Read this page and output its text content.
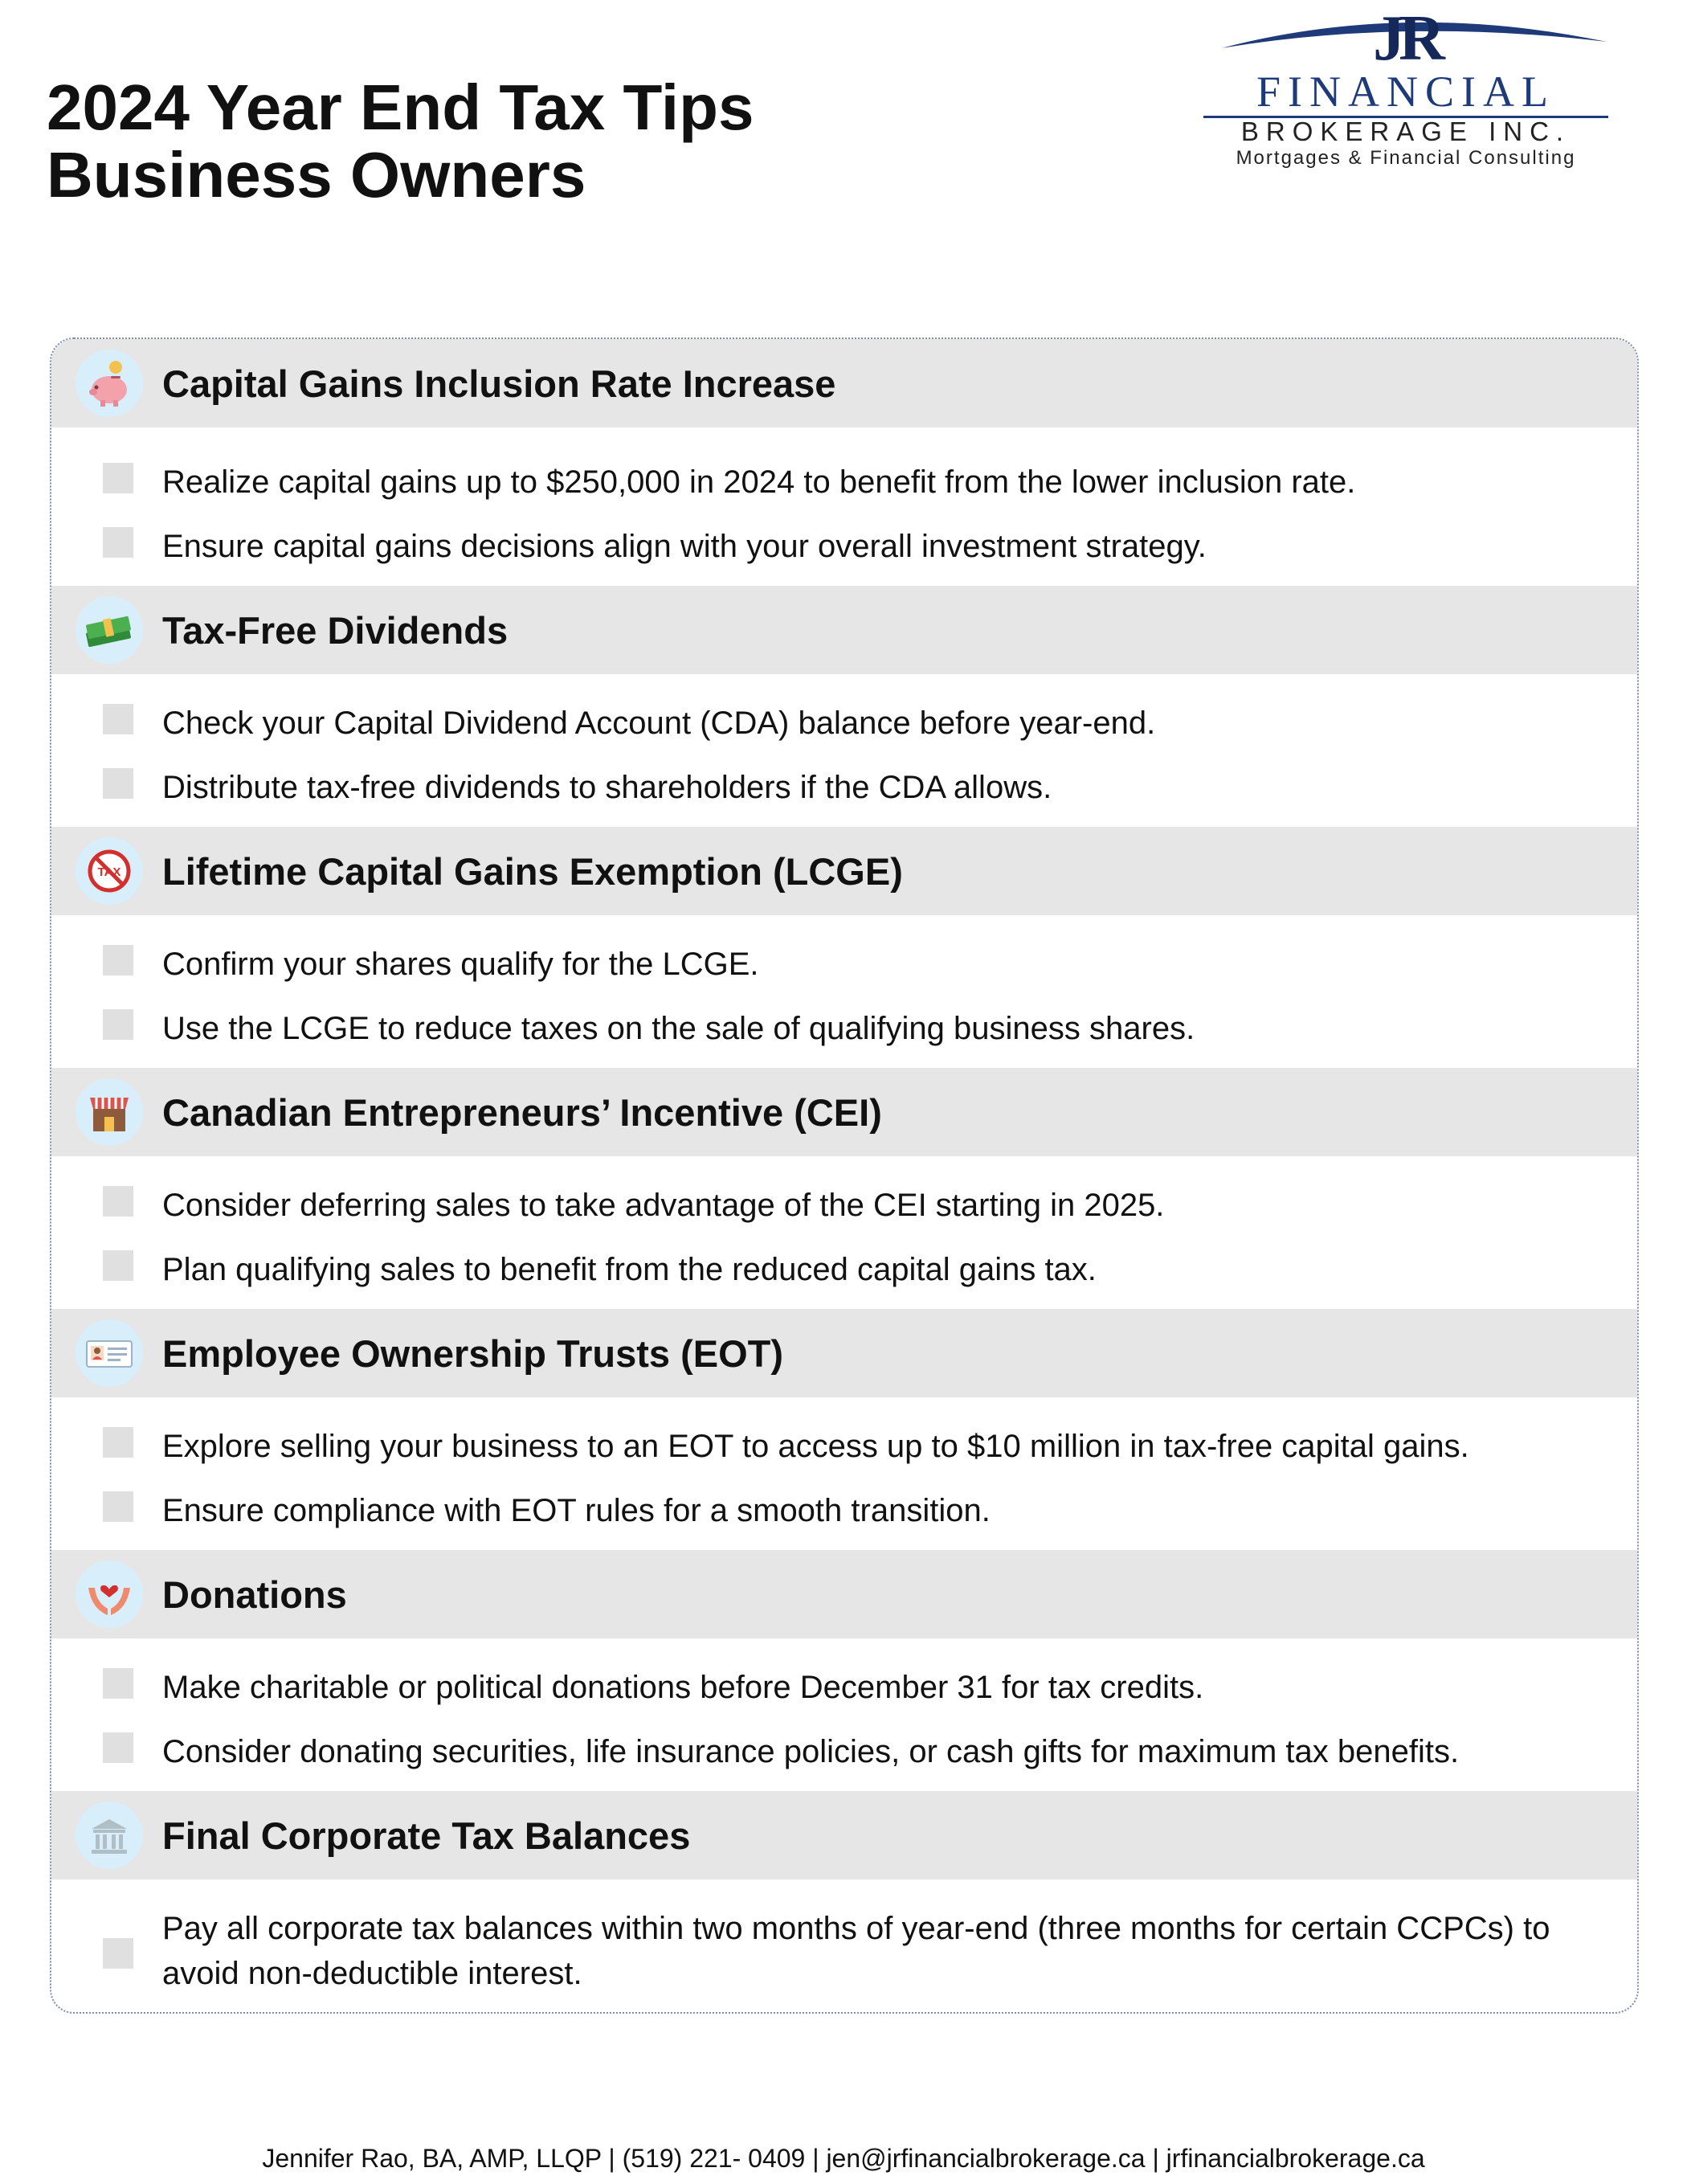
2024 Year End Tax Tips
Business Owners
JR
FINANCIAL
BROKERAGE INC.
Mortgages & Financial Consulting
Capital Gains Inclusion Rate Increase
Realize capital gains up to $250,000 in 2024 to benefit from the lower inclusion rate.
Ensure capital gains decisions align with your overall investment strategy.
Tax-Free Dividends
Check your Capital Dividend Account (CDA) balance before year-end.
Distribute tax-free dividends to shareholders if the CDA allows.
TAX Lifetime Capital Gains Exemption (LCGE)
Confirm your shares qualify for the LCGE.
Use the LCGE to reduce taxes on the sale of qualifying business shares.
Canadian Entrepreneurs’ Incentive (CEI)
Consider deferring sales to take advantage of the CEI starting in 2025.
Plan qualifying sales to benefit from the reduced capital gains tax.
Employee Ownership Trusts (EOT)
Explore selling your business to an EOT to access up to $10 million in tax-free capital gains.
Ensure compliance with EOT rules for a smooth transition.
Donations
Make charitable or political donations before December 31 for tax credits.
Consider donating securities, life insurance policies, or cash gifts for maximum tax benefits.
Final Corporate Tax Balances
Pay all corporate tax balances within two months of year-end (three months for certain CCPCs) to avoid non-deductible interest.
Jennifer Rao, BA, AMP, LLQP | (519) 221- 0409 | jen@jrfinancialbrokerage.ca | jrfinancialbrokerage.ca
